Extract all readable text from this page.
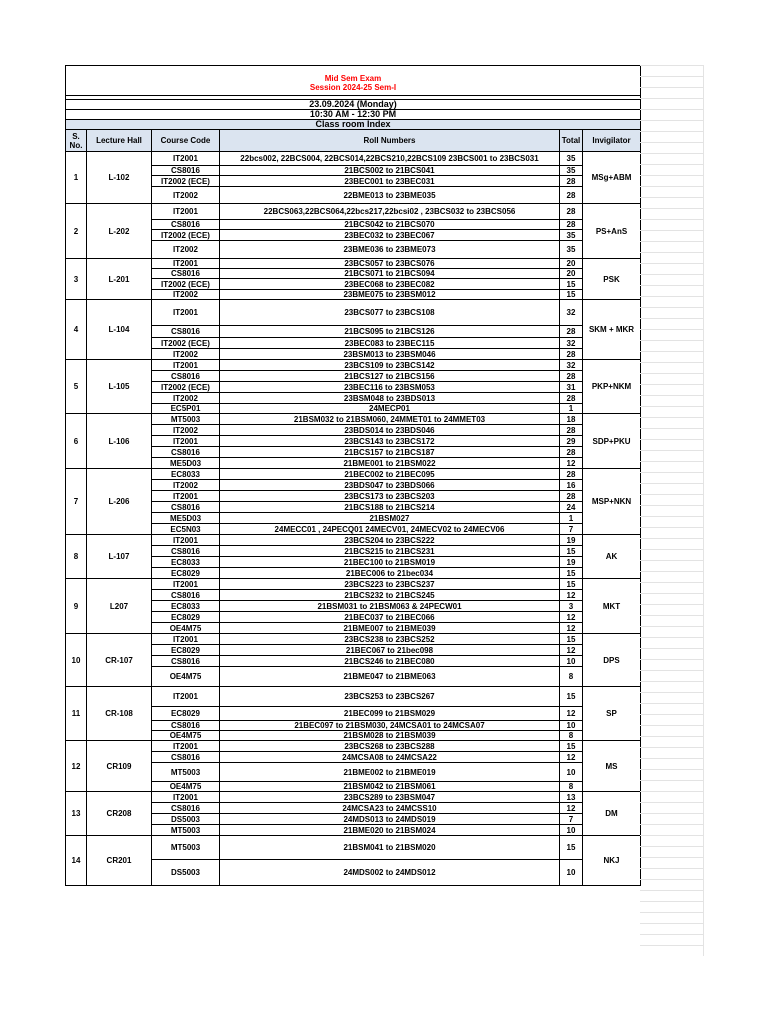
Mid Sem Exam
Session 2024-25 Sem-I					

23.09.2024 (Monday)					
10:30 AM - 12:30 PM					
Class room Index					
S. No.	Lecture Hall	Course Code	Roll Numbers	Total	Invigilator
1	L-102	IT2001	22bcs002, 22BCS004, 22BCS014,22BCS210,22BCS109 23BCS001 to 23BCS031	35	MSg+ABM
		CS8016	21BCS002 to 21BCS041	35	
		IT2002 (ECE)	23BEC001 to 23BEC031	28	
		IT2002	22BME013 to 23BME035	28	
2	L-202	IT2001	22BCS063,22BCS064,22bcs217,22bcsi02 , 23BCS032 to 23BCS056	28	PS+AnS
		CS8016	21BCS042 to 21BCS070	28	
		IT2002 (ECE)	23BEC032 to 23BEC067	35	
		IT2002	23BME036 to 23BME073	35	
3	L-201	IT2001	23BCS057 to 23BCS076	20	PSK
		CS8016	21BCS071 to 21BCS094	20	
		IT2002 (ECE)	23BEC068 to 23BEC082	15	
		IT2002	23BME075 to 23BSM012	15	
4	L-104	IT2001	23BCS077 to 23BCS108	32	SKM + MKR
		CS8016	21BCS095 to 21BCS126	28	
		IT2002 (ECE)	23BEC083 to 23BEC115	32	
		IT2002	23BSM013 to 23BSM046	28	
5	L-105	IT2001	23BCS109 to 23BCS142	32	PKP+NKM
		CS8016	21BCS127 to 21BCS156	28	
		IT2002 (ECE)	23BEC116 to 23BSM053	31	
		IT2002	23BSM048 to 23BDS013	28	
		EC5P01	24MECP01	1	
6	L-106	MT5003	21BSM032 to 21BSM060, 24MMET01 to 24MMET03	18	SDP+PKU
		IT2002	23BDS014 to 23BDS046	28	
		IT2001	23BCS143 to 23BCS172	29	
		CS8016	21BCS157 to 21BCS187	28	
		ME5D03	21BME001 to 21BSM022	12	
7	L-206	EC8033	21BEC002 to 21BEC095	28	MSP+NKN
		IT2002	23BDS047 to 23BDS066	16	
		IT2001	23BCS173 to 23BCS203	28	
		CS8016	21BCS188 to 21BCS214	24	
		ME5D03	21BSM027	1	
		EC5N03	24MECC01 , 24PECQ01 24MECV01, 24MECV02 to 24MECV06	7	
8	L-107	IT2001	23BCS204 to 23BCS222	19	AK
		CS8016	21BCS215 to 21BCS231	15	
		EC8033	21BEC100 to 21BSM019	19	
		EC8029	21BEC006 to 21bec034	15	
9	L207	IT2001	23BCS223 to 23BCS237	15	MKT
		CS8016	21BCS232 to 21BCS245	12	
		EC8033	21BSM031 to 21BSM063 & 24PECW01	3	
		EC8029	21BEC037 to 21BEC066	12	
		OE4M75	21BME007 to 21BME039	12	
10	CR-107	IT2001	23BCS238 to 23BCS252	15	DPS
		EC8029	21BEC067 to 21bec098	12	
		CS8016	21BCS246 to 21BEC080	10	
		OE4M75	21BME047 to 21BME063	8	
11	CR-108	IT2001	23BCS253 to 23BCS267	15	SP
		EC8029	21BEC099 to 21BSM029	12	
		CS8016	21BEC097 to 21BSM030, 24MCSA01 to 24MCSA07	10	
		OE4M75	21BSM028 to 21BSM039	8	
12	CR109	IT2001	23BCS268 to 23BCS288	15	MS
		CS8016	24MCSA08 to 24MCSA22	12	
		MT5003	21BME002 to 21BME019	10	
		OE4M75	21BSM042 to 21BSM061	8	
13	CR208	IT2001	23BCS289 to 23BSM047	13	DM
		CS8016	24MCSA23 to 24MCSS10	12	
		DS5003	24MDS013 to 24MDS019	7	
		MT5003	21BME020 to 21BSM024	10	
14	CR201	MT5003	21BSM041 to 21BSM020	15	NKJ
		DS5003	24MDS002 to 24MDS012	10	
